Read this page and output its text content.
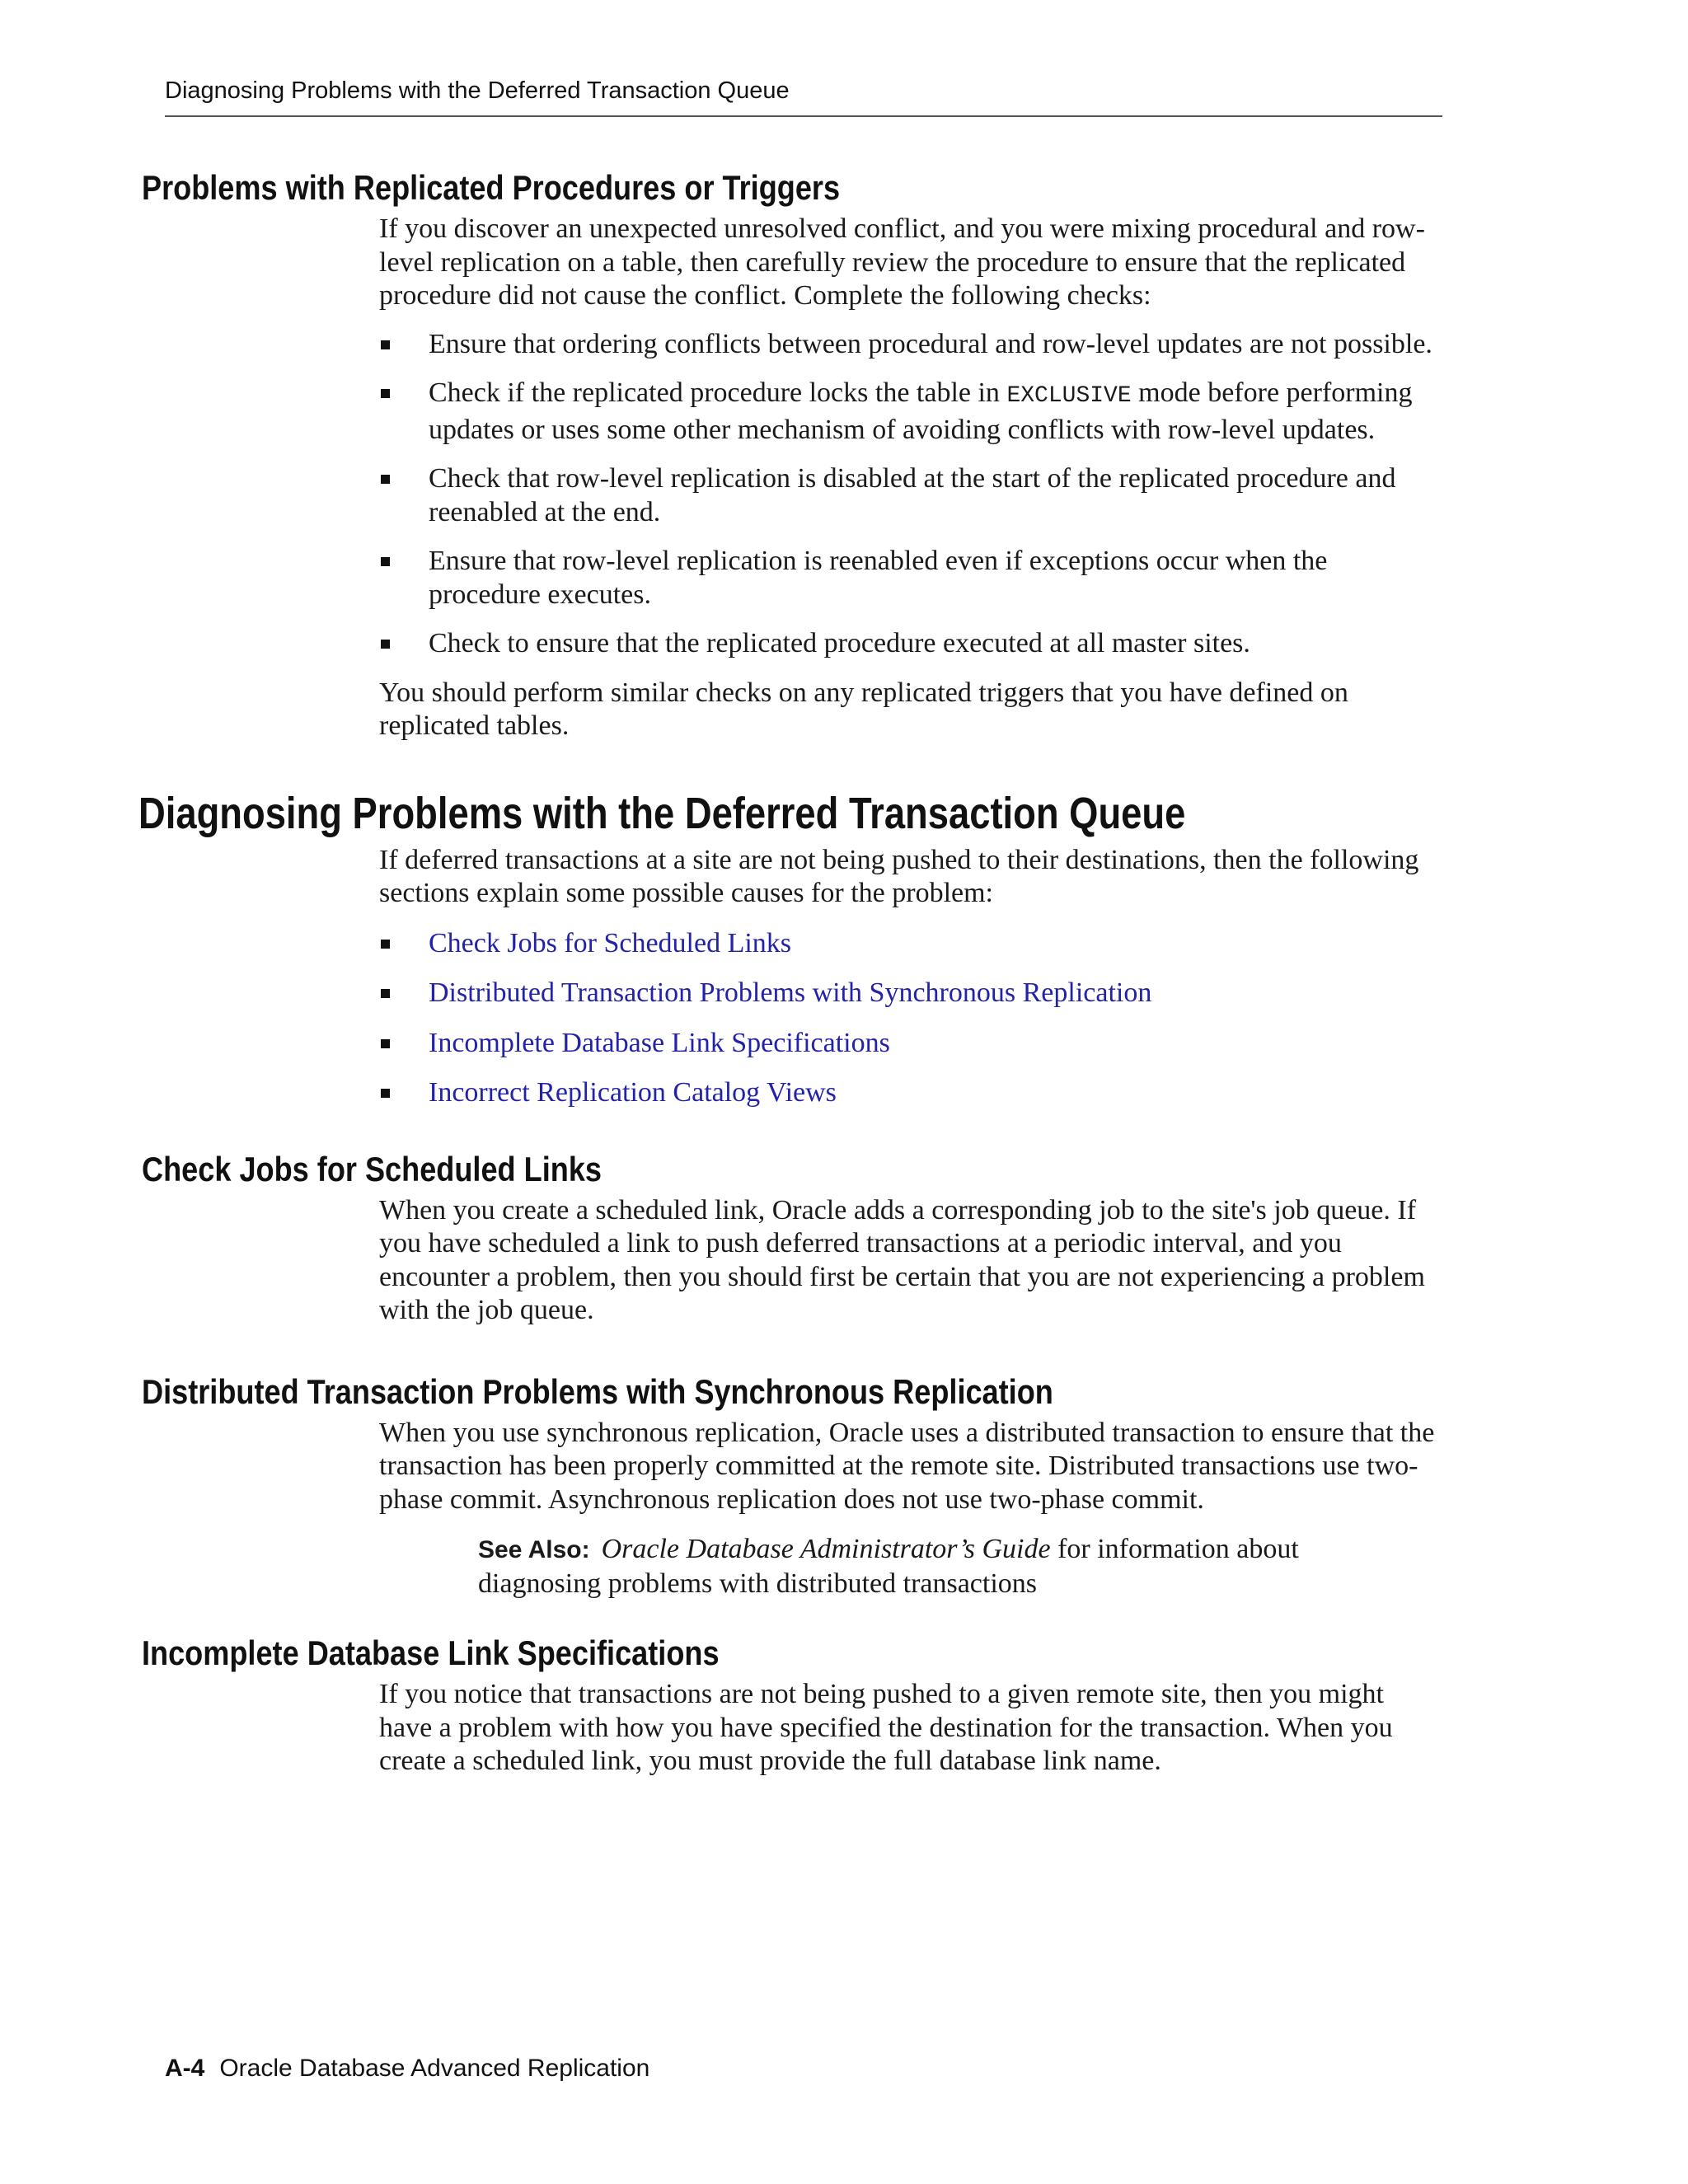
Diagnosing Problems with the Deferred Transaction Queue
Problems with Replicated Procedures or Triggers

If you discover an unexpected unresolved conflict, and you were mixing procedural and row-level replication on a table, then carefully review the procedure to ensure that the replicated procedure did not cause the conflict. Complete the following checks:

Ensure that ordering conflicts between procedural and row-level updates are not possible.
Check if the replicated procedure locks the table in EXCLUSIVE mode before performing updates or uses some other mechanism of avoiding conflicts with row-level updates.
Check that row-level replication is disabled at the start of the replicated procedure and reenabled at the end.
Ensure that row-level replication is reenabled even if exceptions occur when the procedure executes.
Check to ensure that the replicated procedure executed at all master sites.

You should perform similar checks on any replicated triggers that you have defined on replicated tables.

Diagnosing Problems with the Deferred Transaction Queue

If deferred transactions at a site are not being pushed to their destinations, then the following sections explain some possible causes for the problem:

Check Jobs for Scheduled Links
Distributed Transaction Problems with Synchronous Replication
Incomplete Database Link Specifications
Incorrect Replication Catalog Views
Check Jobs for Scheduled Links

When you create a scheduled link, Oracle adds a corresponding job to the site's job queue. If you have scheduled a link to push deferred transactions at a periodic interval, and you encounter a problem, then you should first be certain that you are not experiencing a problem with the job queue.

Distributed Transaction Problems with Synchronous Replication

When you use synchronous replication, Oracle uses a distributed transaction to ensure that the transaction has been properly committed at the remote site. Distributed transactions use two-phase commit. Asynchronous replication does not use two-phase commit.

See Also: Oracle Database Administrator’s Guide for information about diagnosing problems with distributed transactions

Incomplete Database Link Specifications

If you notice that transactions are not being pushed to a given remote site, then you might have a problem with how you have specified the destination for the transaction. When you create a scheduled link, you must provide the full database link name.

A-4 Oracle Database Advanced Replication
